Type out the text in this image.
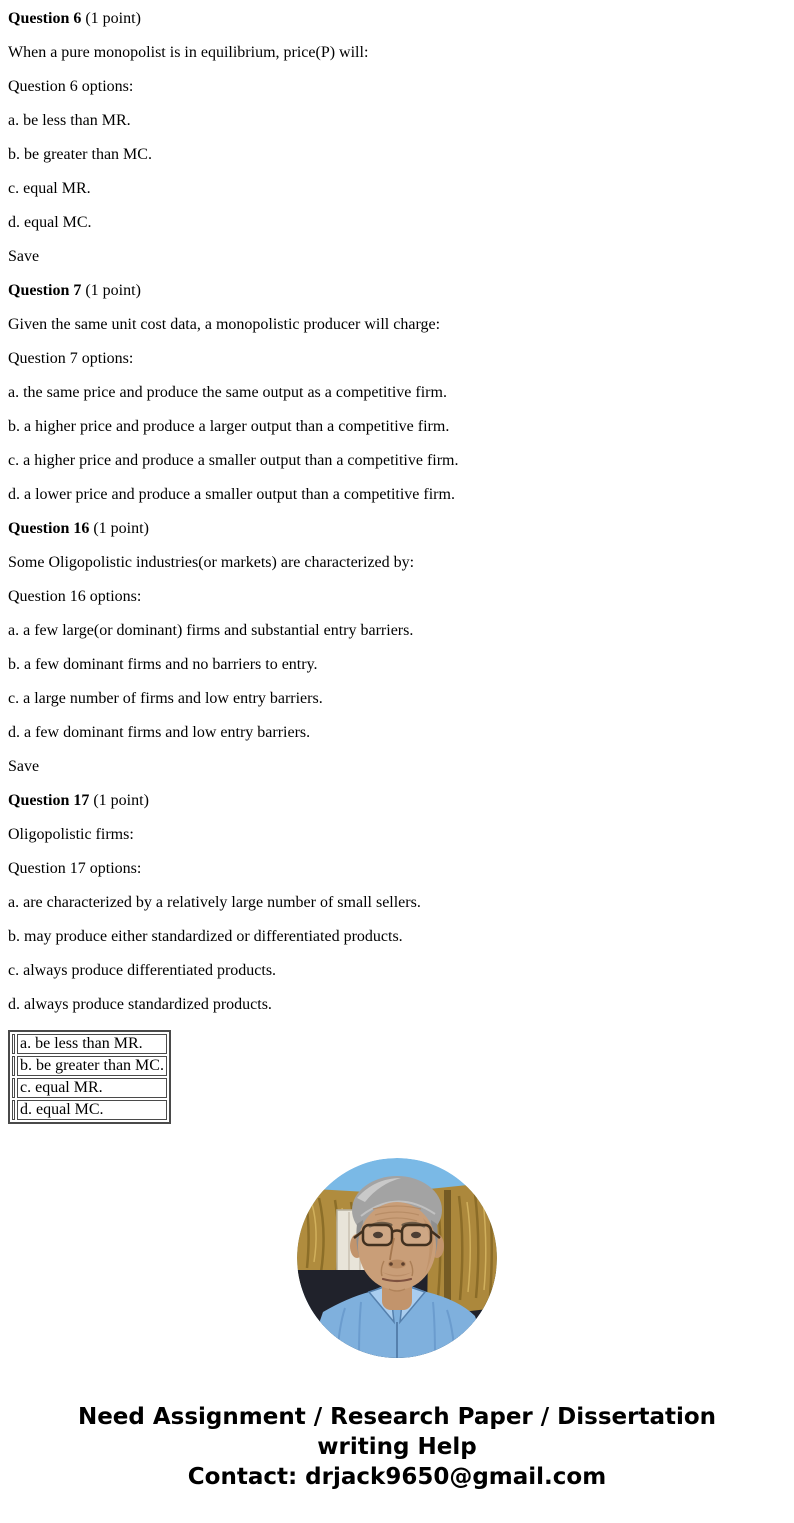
Question 6 (1 point)

When a pure monopolist is in equilibrium, price(P) will:

Question 6 options:

a. be less than MR.

b. be greater than MC.

c. equal MR.

d. equal MC.

Save

Question 7 (1 point)

Given the same unit cost data, a monopolistic producer will charge:

Question 7 options:

a. the same price and produce the same output as a competitive firm.

b. a higher price and produce a larger output than a competitive firm.

c. a higher price and produce a smaller output than a competitive firm.

d. a lower price and produce a smaller output than a competitive firm.

Question 16 (1 point)

Some Oligopolistic industries(or markets) are characterized by:

Question 16 options:

a. a few large(or dominant) firms and substantial entry barriers.

b. a few dominant firms and no barriers to entry.

c. a large number of firms and low entry barriers.

d. a few dominant firms and low entry barriers.

Save

Question 17 (1 point)

Oligopolistic firms:

Question 17 options:

a. are characterized by a relatively large number of small sellers.

b. may produce either standardized or differentiated products.

c. always produce differentiated products.

d. always produce standardized products.

	a. be less than MR.
	b. be greater than MC.
	c. equal MR.
	d. equal MC.
Need Assignment / Research Paper / Dissertation
writing Help
Contact: drjack9650@gmail.com
